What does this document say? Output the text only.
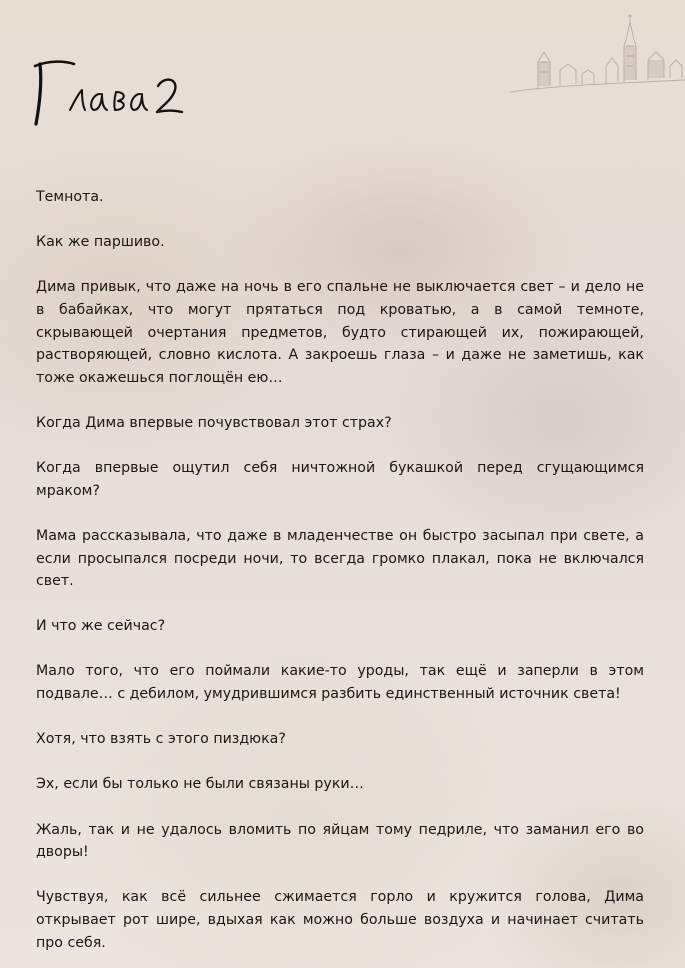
Темнота.

Как же паршиво.

Дима привык, что даже на ночь в его спальне не выключается свет – и дело не в бабайках, что могут прятаться под кроватью, а в самой темноте, скрывающей очертания предметов, будто стирающей их, пожирающей, растворяющей, словно кислота. А закроешь глаза – и даже не заметишь, как тоже окажешься поглощён ею…

Когда Дима впервые почувствовал этот страх?

Когда впервые ощутил себя ничтожной букашкой перед сгущающимся мраком?

Мама рассказывала, что даже в младенчестве он быстро засыпал при свете, а если просыпался посреди ночи, то всегда громко плакал, пока не включался свет.

И что же сейчас?

Мало того, что его поймали какие-то уроды, так ещё и заперли в этом подвале… с дебилом, умудрившимся разбить единственный источник света!

Хотя, что взять с этого пиздюка?

Эх, если бы только не были связаны руки…

Жаль, так и не удалось вломить по яйцам тому педриле, что заманил его во дворы!

Чувствуя, как всё сильнее сжимается горло и кружится голова, Дима открывает рот шире, вдыхая как можно больше воздуха и начинает считать про себя.
